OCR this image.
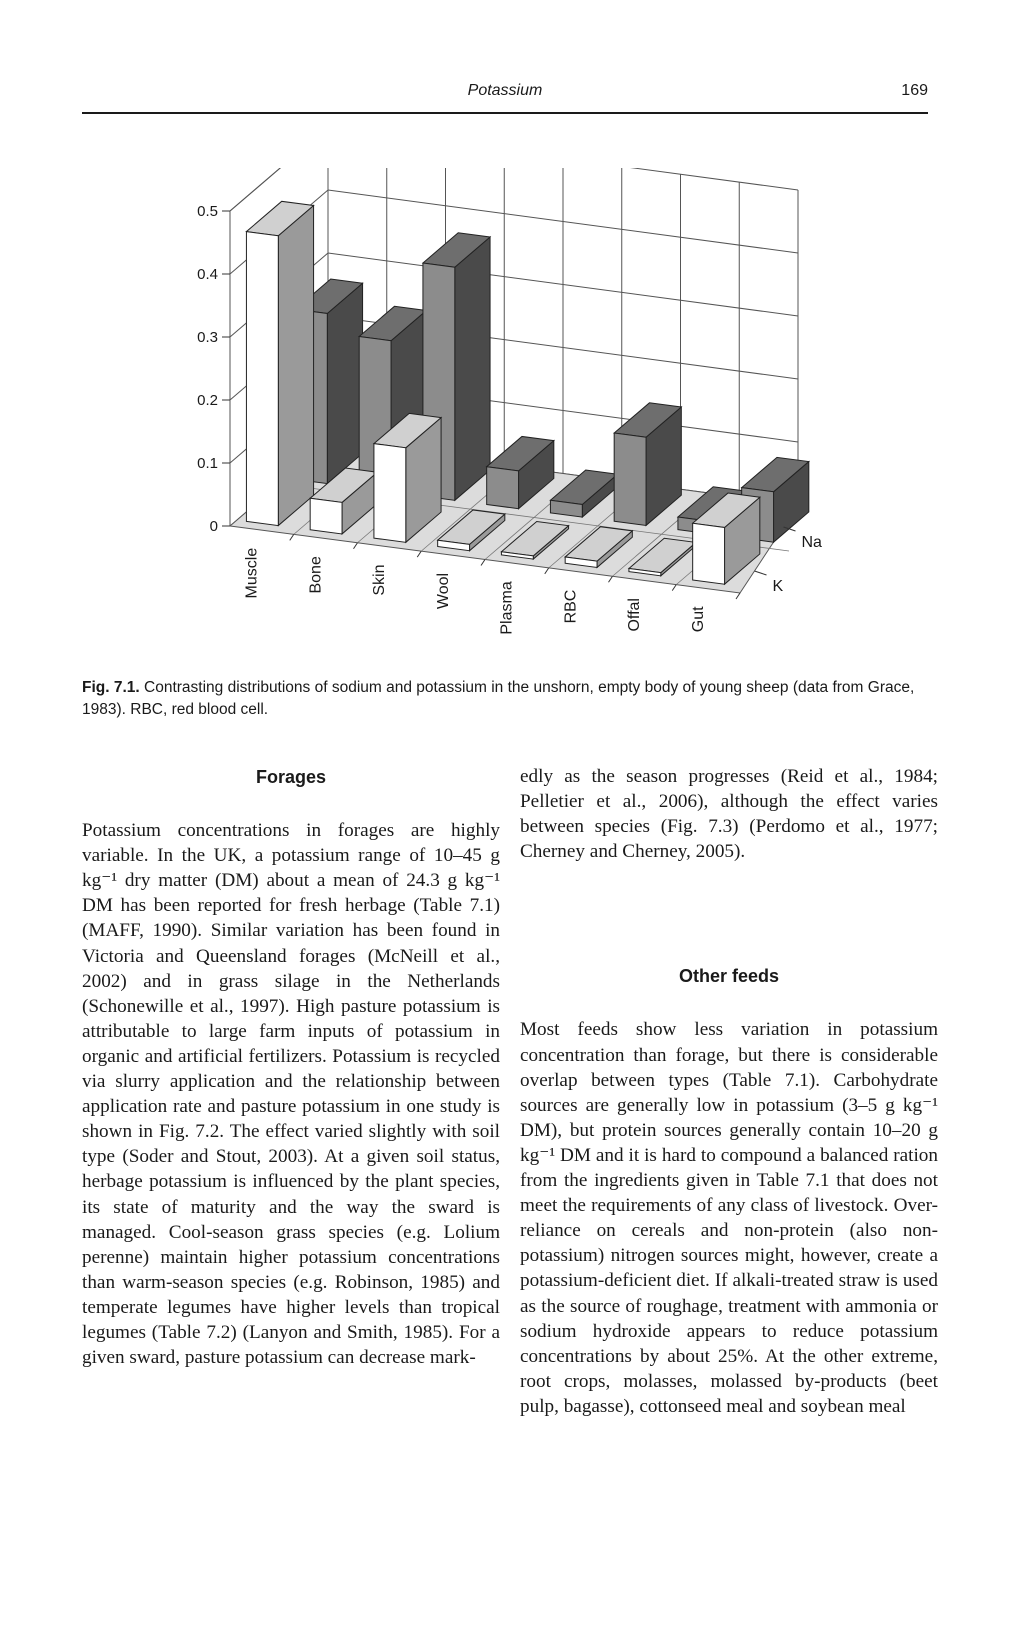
Potassium	169
0
0.1
0.2
0.3
0.4
0.5
Muscle	Bone	Skin	Wool	Plasma	RBC	Offal	Gut
K
Na
Fig. 7.1. Contrasting distributions of sodium and potassium in the unshorn, empty body of young sheep (data from Grace, 1983). RBC, red blood cell.
Forages

Potassium concentrations in forages are highly variable. In the UK, a potassium range of 10–45 g kg⁻¹ dry matter (DM) about a mean of 24.3 g kg⁻¹ DM has been reported for fresh herbage (Table 7.1) (MAFF, 1990). Similar variation has been found in Victoria and Queensland forages (McNeill et al., 2002) and in grass silage in the Netherlands (Schonewille et al., 1997). High pasture potassium is attributable to large farm inputs of potassium in organic and artificial fertilizers. Potassium is recycled via slurry application and the relationship between application rate and pasture potassium in one study is shown in Fig. 7.2. The effect varied slightly with soil type (Soder and Stout, 2003). At a given soil status, herbage potassium is influenced by the plant species, its state of maturity and the way the sward is managed. Cool-season grass species (e.g. Lolium perenne) maintain higher potassium concentrations than warm-season species (e.g. Robinson, 1985) and temperate legumes have higher levels than tropical legumes (Table 7.2) (Lanyon and Smith, 1985). For a given sward, pasture potassium can decrease mark-

edly as the season progresses (Reid et al., 1984; Pelletier et al., 2006), although the effect varies between species (Fig. 7.3) (Perdomo et al., 1977; Cherney and Cherney, 2005).

Other feeds

Most feeds show less variation in potassium concentration than forage, but there is considerable overlap between types (Table 7.1). Carbohydrate sources are generally low in potassium (3–5 g kg⁻¹ DM), but protein sources generally contain 10–20 g kg⁻¹ DM and it is hard to compound a balanced ration from the ingredients given in Table 7.1 that does not meet the requirements of any class of livestock. Over-reliance on cereals and non-protein (also non-potassium) nitrogen sources might, however, create a potassium-deficient diet. If alkali-treated straw is used as the source of roughage, treatment with ammonia or sodium hydroxide appears to reduce potassium concentrations by about 25%. At the other extreme, root crops, molasses, molassed by-products (beet pulp, bagasse), cottonseed meal and soybean meal
